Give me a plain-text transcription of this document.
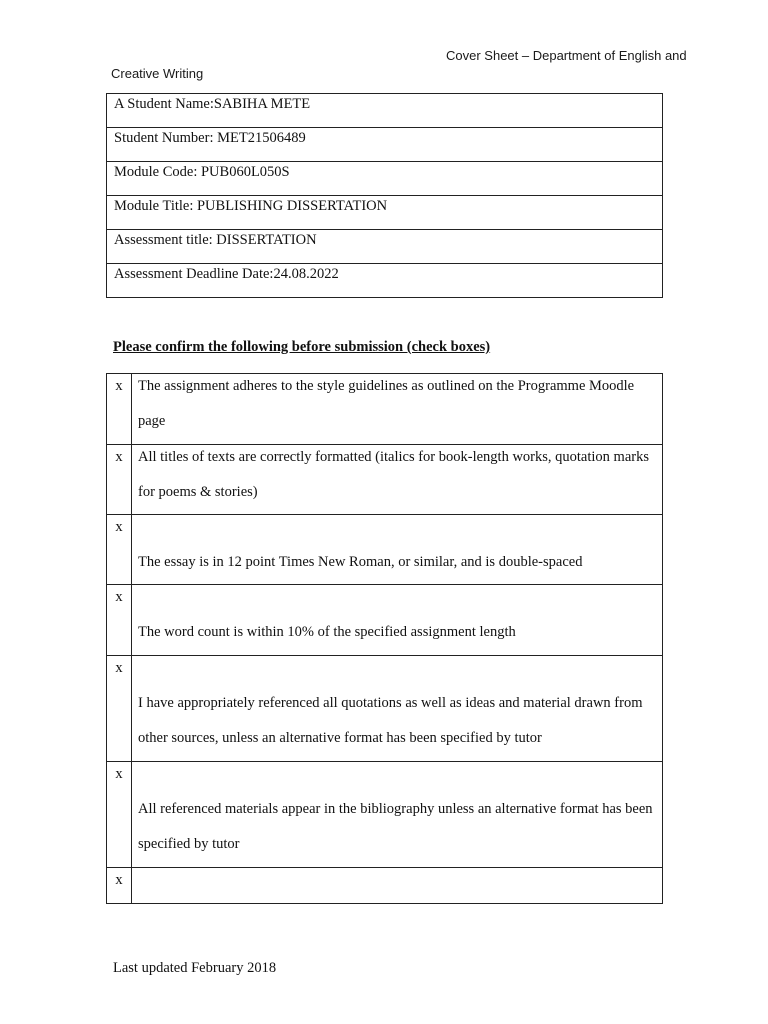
Cover Sheet – Department of English and
Creative Writing
A Student Name:SABIHA METE

Student Number: MET21506489

Module Code: PUB060L050S

Module Title: PUBLISHING DISSERTATION

Assessment title: DISSERTATION

Assessment Deadline Date:24.08.2022
Please confirm the following before submission (check boxes)
x	The assignment adheres to the style guidelines as outlined on the Programme Moodle page

x	All titles of texts are correctly formatted (italics for book-length works, quotation marks for poems & stories)

x	The essay is in 12 point Times New Roman, or similar, and is double-spaced

x	The word count is within 10% of the specified assignment length

x	I have appropriately referenced all quotations as well as ideas and material drawn from other sources, unless an alternative format has been specified by tutor

x	All referenced materials appear in the bibliography unless an alternative format has been specified by tutor

x	
Last updated February 2018
